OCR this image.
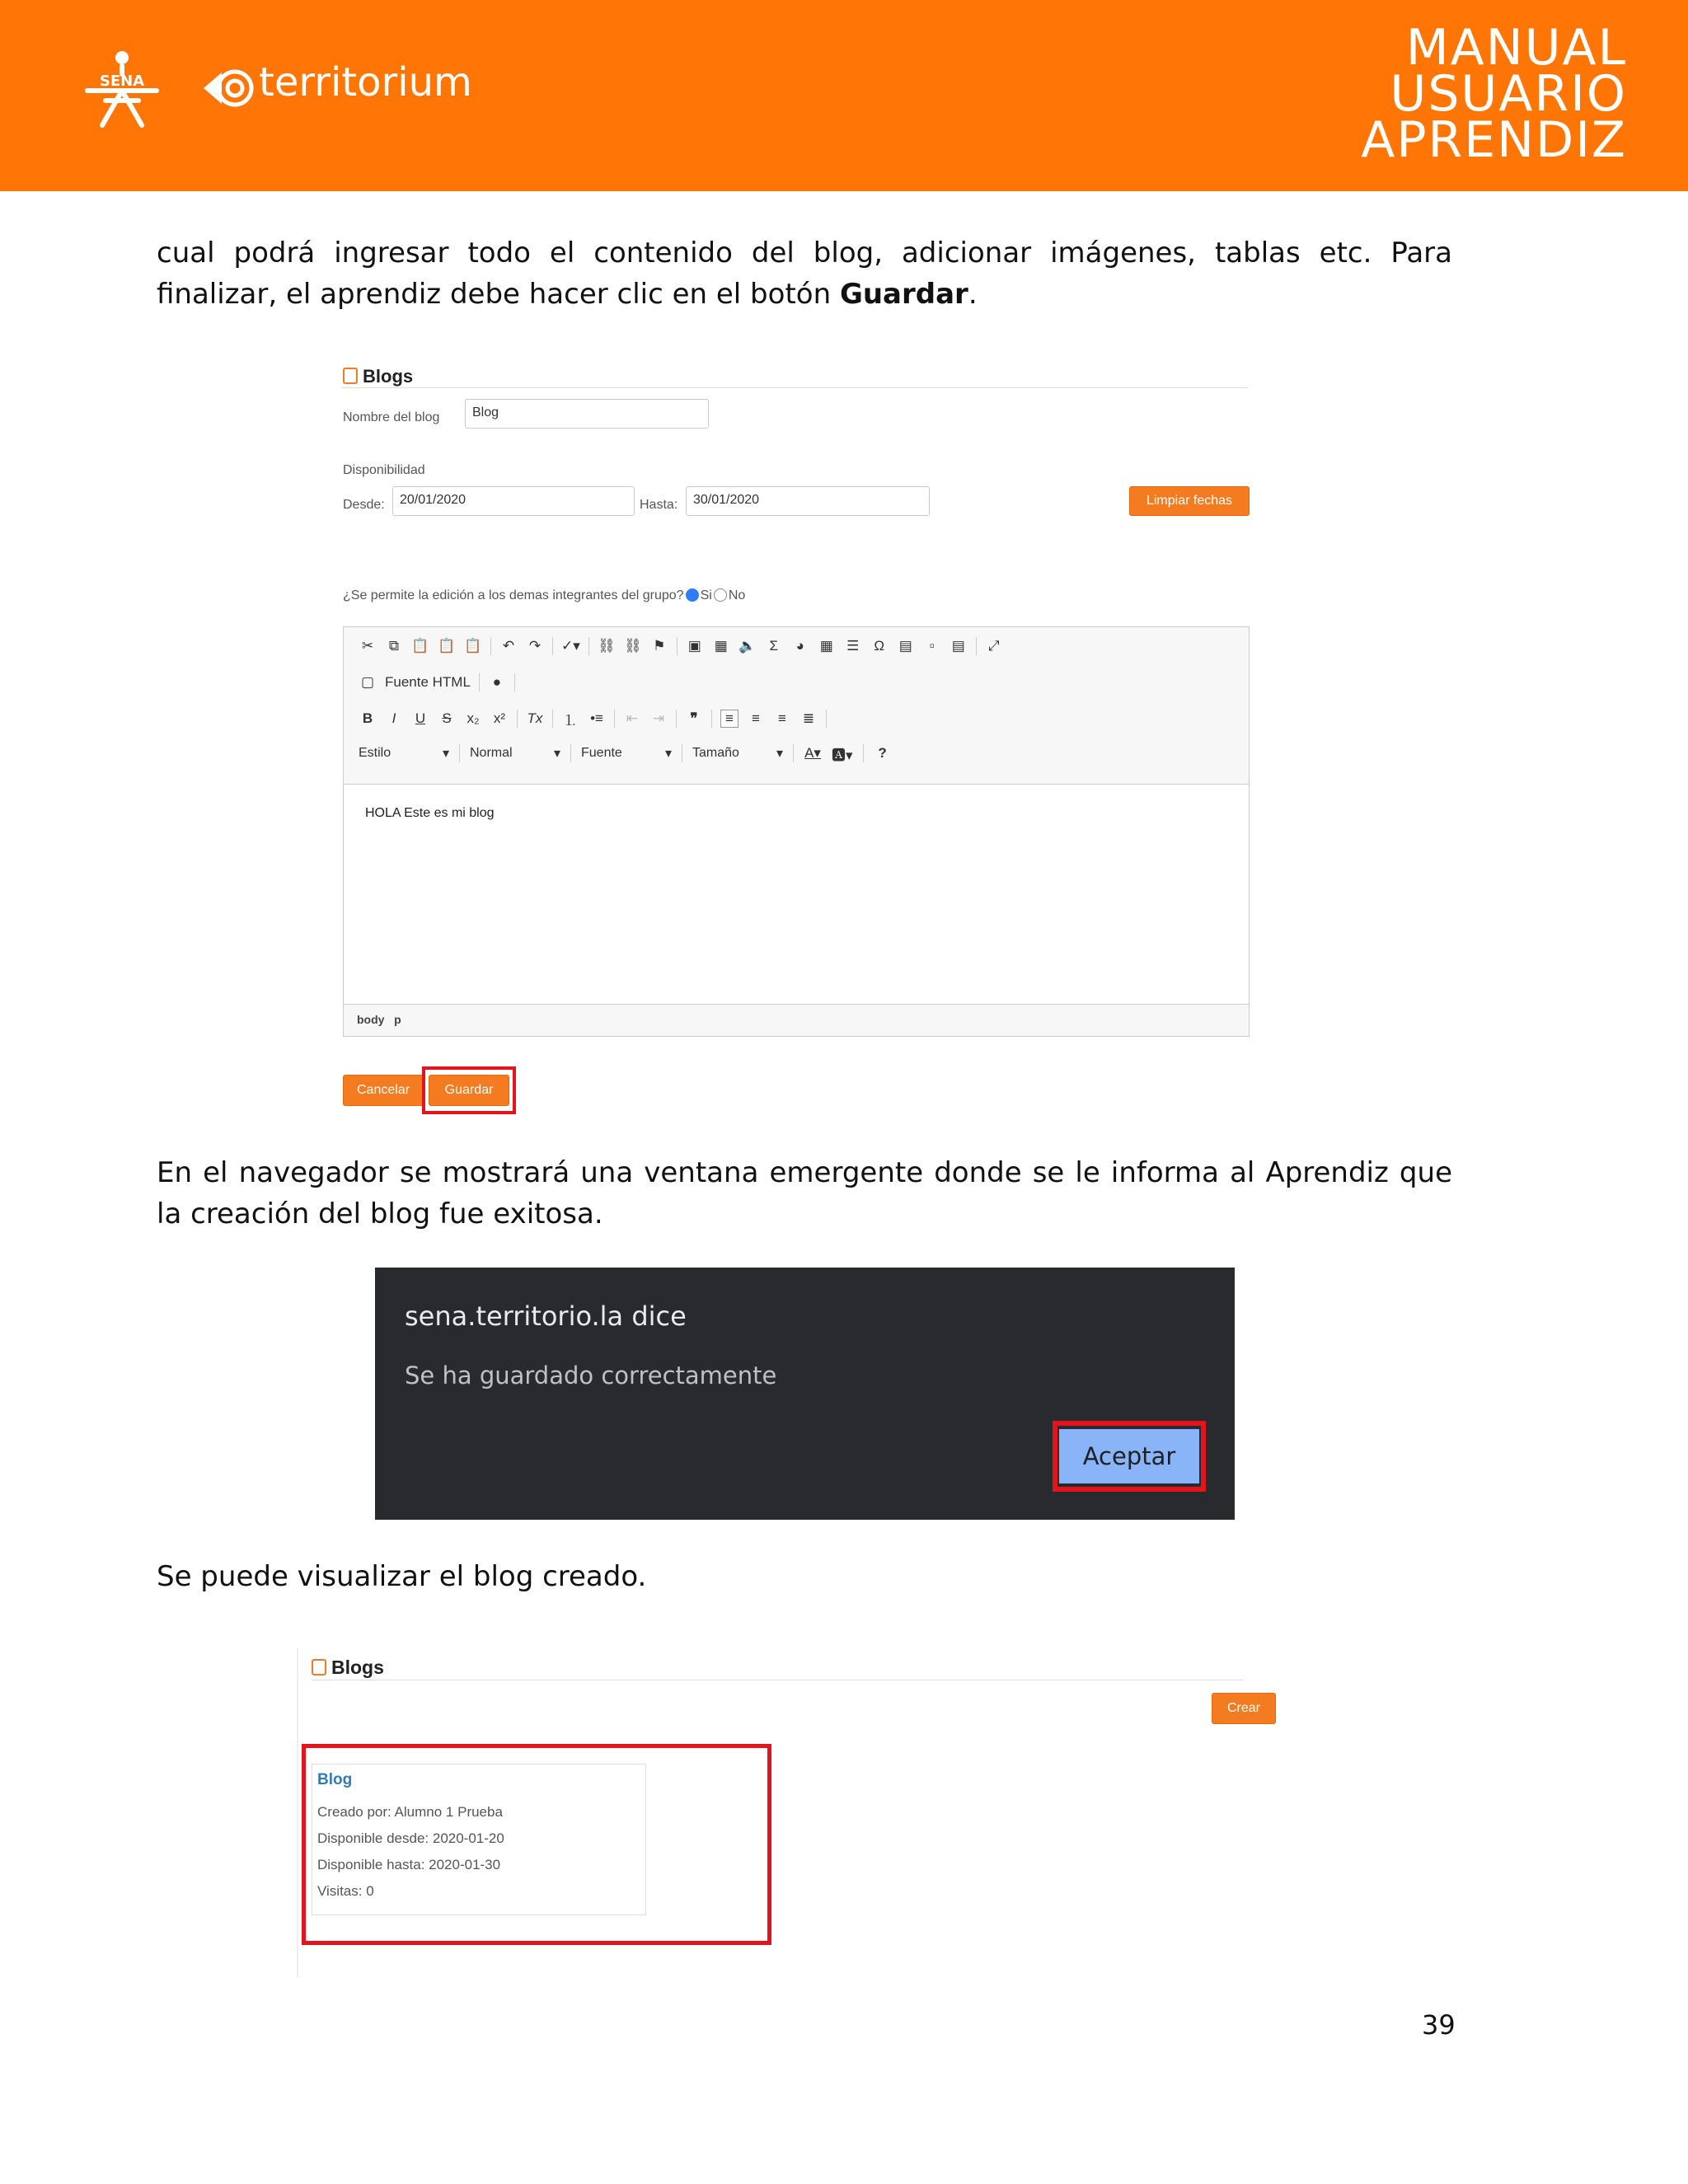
SENA	territorium
MANUAL
USUARIO
APRENDIZ
cual podrá ingresar todo el contenido del blog, adicionar imágenes, tablas etc. Para finalizar, el aprendiz debe hacer clic en el botón Guardar.
Blogs
Nombre del blog	Blog
Disponibilidad
Desde:	20/01/2020	Hasta:	30/01/2020	Limpiar fechas
¿Se permite la edición a los demas integrantes del grupo? Si No
✂ ⧉ 📋 📋 📋 ↶ ↷ ✓▾ ⛓ ⛓ ⚑ ▣ ▦ 🔈 Σ	◕	▦ ☰ Ω ▤	▫	▤ ⤢
▢ Fuente HTML	●
B	I	U	S	x₂ x² Tx ⒈ •≡ ⇤ ⇥	❞	≡	≡	≡	≣
Estilo	▾ Normal	▾ Fuente	▾ Tamaño	▾ A▾ 🅰▾	?
HOLA Este es mi blog
body p
Cancelar	Guardar
En el navegador se mostrará una ventana emergente donde se le informa al Aprendiz que la creación del blog fue exitosa.
sena.territorio.la dice
Se ha guardado correctamente
Aceptar
Se puede visualizar el blog creado.
Blogs
Crear
Blog
Creado por: Alumno 1 Prueba
Disponible desde: 2020-01-20
Disponible hasta: 2020-01-30
Visitas: 0
39
